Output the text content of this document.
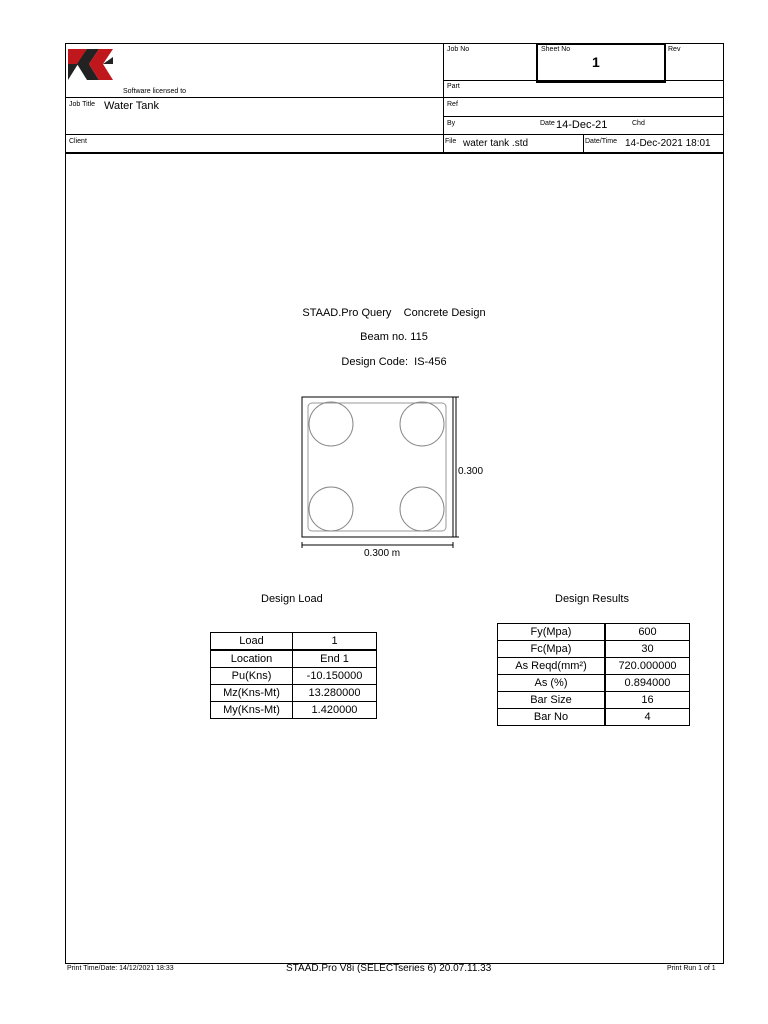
Job No	Sheet No
1
Rev
Part
Software licensed to
Job Title Water Tank	Ref
By	Date 14-Dec-21	Chd
Client	File water tank .std	Date/Time 14-Dec-2021 18:01
STAAD.Pro Query    Concrete Design
Beam no. 115
Design Code:  IS-456
0.300
0.300 m
Design Load	Design Results
Load	1
Location	End 1
Pu(Kns)	-10.150000
Mz(Kns-Mt)	13.280000
My(Kns-Mt)	1.420000
Fy(Mpa)	600
Fc(Mpa)	30
As Reqd(mm²)	720.000000
As (%)	0.894000
Bar Size	16
Bar No	4
Print Time/Date: 14/12/2021 18:33	STAAD.Pro V8i (SELECTseries 6) 20.07.11.33	Print Run 1 of 1
